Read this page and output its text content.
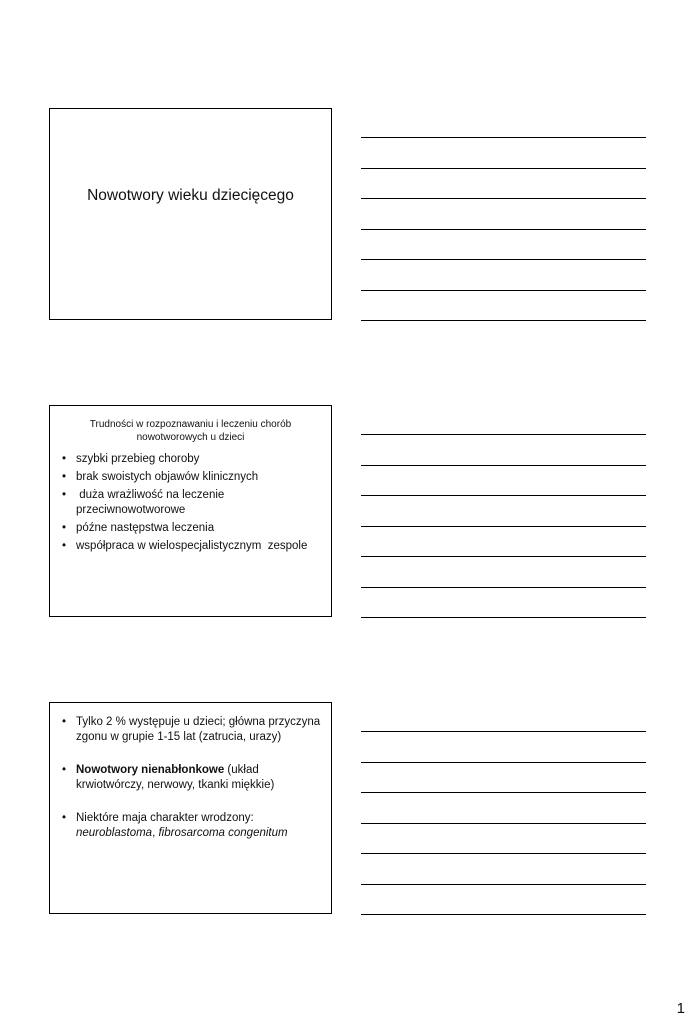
Nowotwory wieku dziecięcego
Trudności w rozpoznawaniu i leczeniu chorób
nowotworowych u dzieci
• szybki przebieg choroby
• brak swoistych objawów klinicznych
•  duża wrażliwość na leczenie przeciwnowotworowe
• późne następstwa leczenia
• współpraca w wielospecjalistycznym  zespole
• Tylko 2 % występuje u dzieci; główna przyczyna zgonu w grupie 1-15 lat (zatrucia, urazy)
• Nowotwory nienabłonkowe (układ krwiotwórczy, nerwowy, tkanki miękkie)
• Niektóre maja charakter wrodzony:
neuroblastoma, fibrosarcoma congenitum
1
